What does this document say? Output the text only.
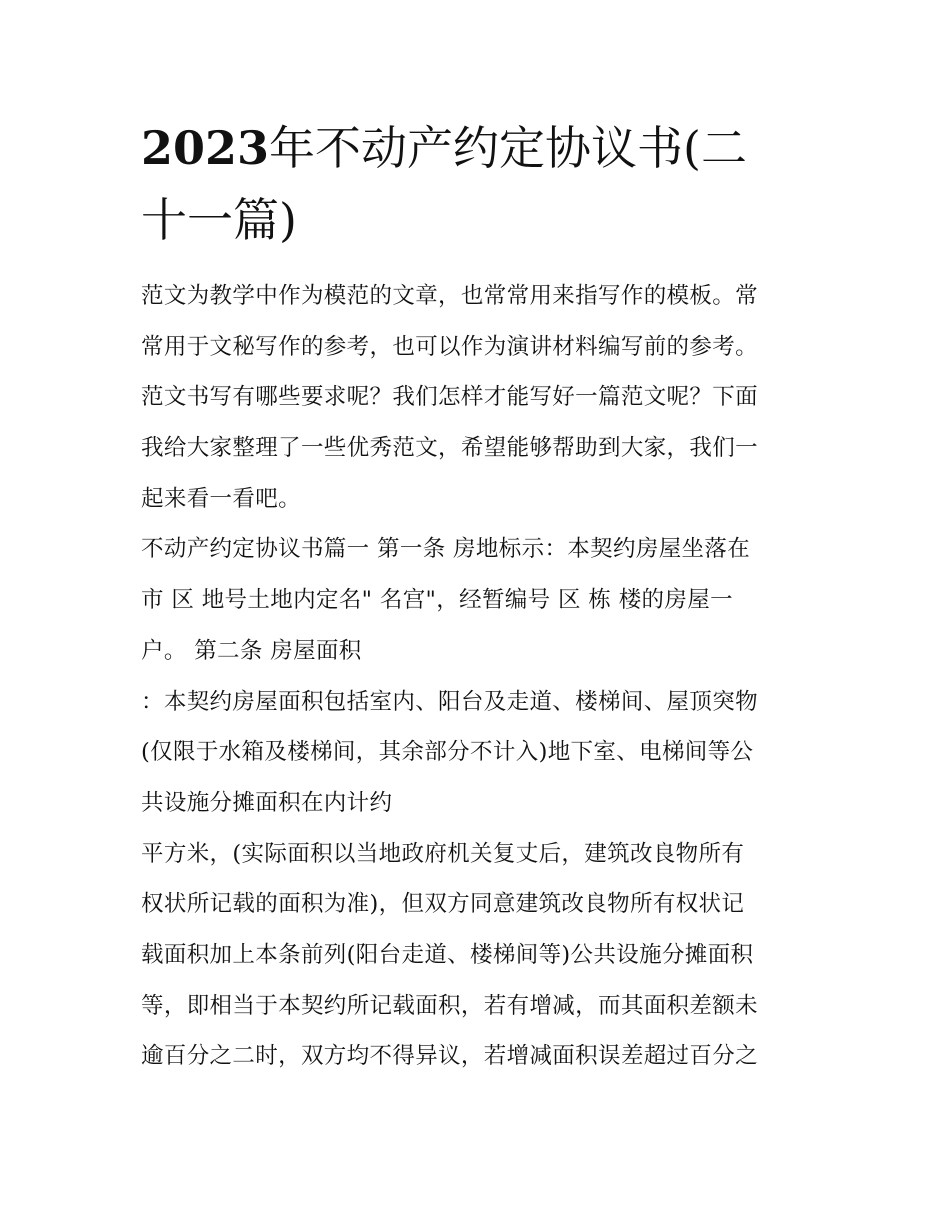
2023年不动产约定协议书(二
十一篇)
范文为教学中作为模范的文章，也常常用来指写作的模板。常
常用于文秘写作的参考，也可以作为演讲材料编写前的参考。
范文书写有哪些要求呢？我们怎样才能写好一篇范文呢？下面
我给大家整理了一些优秀范文，希望能够帮助到大家，我们一
起来看一看吧。
不动产约定协议书篇一 第一条 房地标示：本契约房屋坐落在
市 区 地号土地内定名" 名宫"，经暂编号 区 栋 楼的房屋一
户。 第二条 房屋面积
：本契约房屋面积包括室内、阳台及走道、楼梯间、屋顶突物
(仅限于水箱及楼梯间，其余部分不计入)地下室、电梯间等公
共设施分摊面积在内计约
平方米，(实际面积以当地政府机关复丈后，建筑改良物所有
权状所记载的面积为准)，但双方同意建筑改良物所有权状记
载面积加上本条前列(阳台走道、楼梯间等)公共设施分摊面积
等，即相当于本契约所记载面积，若有增减，而其面积差额未
逾百分之二时，双方均不得异议，若增减面积误差超过百分之
